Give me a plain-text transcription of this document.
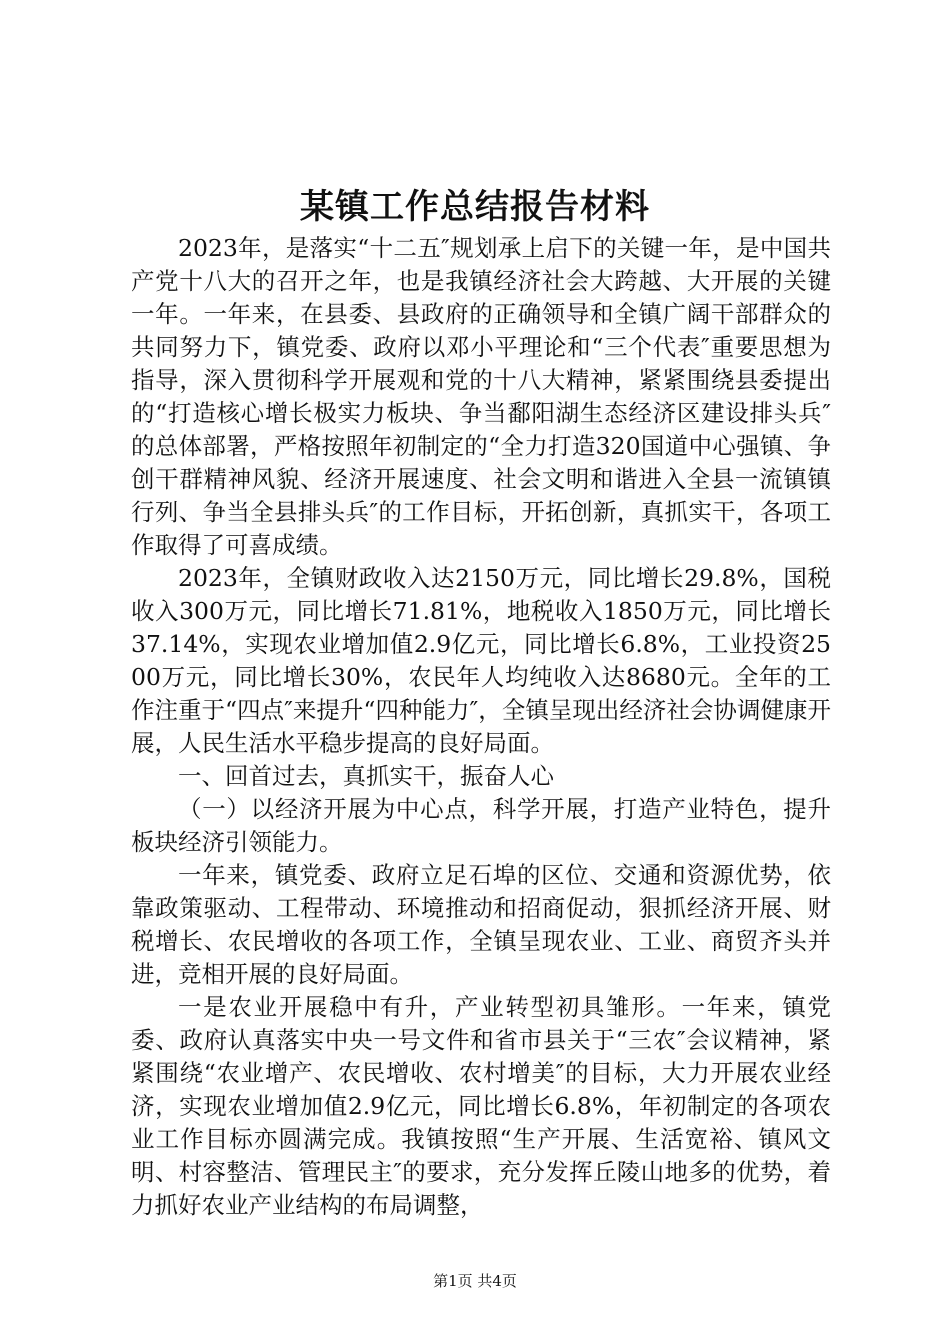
某镇工作总结报告材料

2023年，是落实“十二五″规划承上启下的关键一年，是中国共产党十八大的召开之年，也是我镇经济社会大跨越、大开展的关键一年。一年来，在县委、县政府的正确领导和全镇广阔干部群众的共同努力下，镇党委、政府以邓小平理论和“三个代表″重要思想为指导，深入贯彻科学开展观和党的十八大精神，紧紧围绕县委提出的“打造核心增长极实力板块、争当鄱阳湖生态经济区建设排头兵″的总体部署，严格按照年初制定的“全力打造320国道中心强镇、争创干群精神风貌、经济开展速度、社会文明和谐进入全县一流镇镇行列、争当全县排头兵″的工作目标，开拓创新，真抓实干，各项工作取得了可喜成绩。

2023年，全镇财政收入达2150万元，同比增长29.8%，国税收入300万元，同比增长71.81%，地税收入1850万元，同比增长37.14%，实现农业增加值2.9亿元，同比增长6.8%，工业投资2500万元，同比增长30%，农民年人均纯收入达8680元。全年的工作注重于“四点″来提升“四种能力″，全镇呈现出经济社会协调健康开展，人民生活水平稳步提高的良好局面。

一、回首过去，真抓实干，振奋人心

（一）以经济开展为中心点，科学开展，打造产业特色，提升板块经济引领能力。

一年来，镇党委、政府立足石埠的区位、交通和资源优势，依靠政策驱动、工程带动、环境推动和招商促动，狠抓经济开展、财税增长、农民增收的各项工作，全镇呈现农业、工业、商贸齐头并进，竞相开展的良好局面。

一是农业开展稳中有升，产业转型初具雏形。一年来，镇党委、政府认真落实中央一号文件和省市县关于“三农″会议精神，紧紧围绕“农业增产、农民增收、农村增美″的目标，大力开展农业经济，实现农业增加值2.9亿元，同比增长6.8%，年初制定的各项农业工作目标亦圆满完成。我镇按照“生产开展、生活宽裕、镇风文明、村容整洁、管理民主″的要求，充分发挥丘陵山地多的优势，着力抓好农业产业结构的布局调整，

第1页 共4页
